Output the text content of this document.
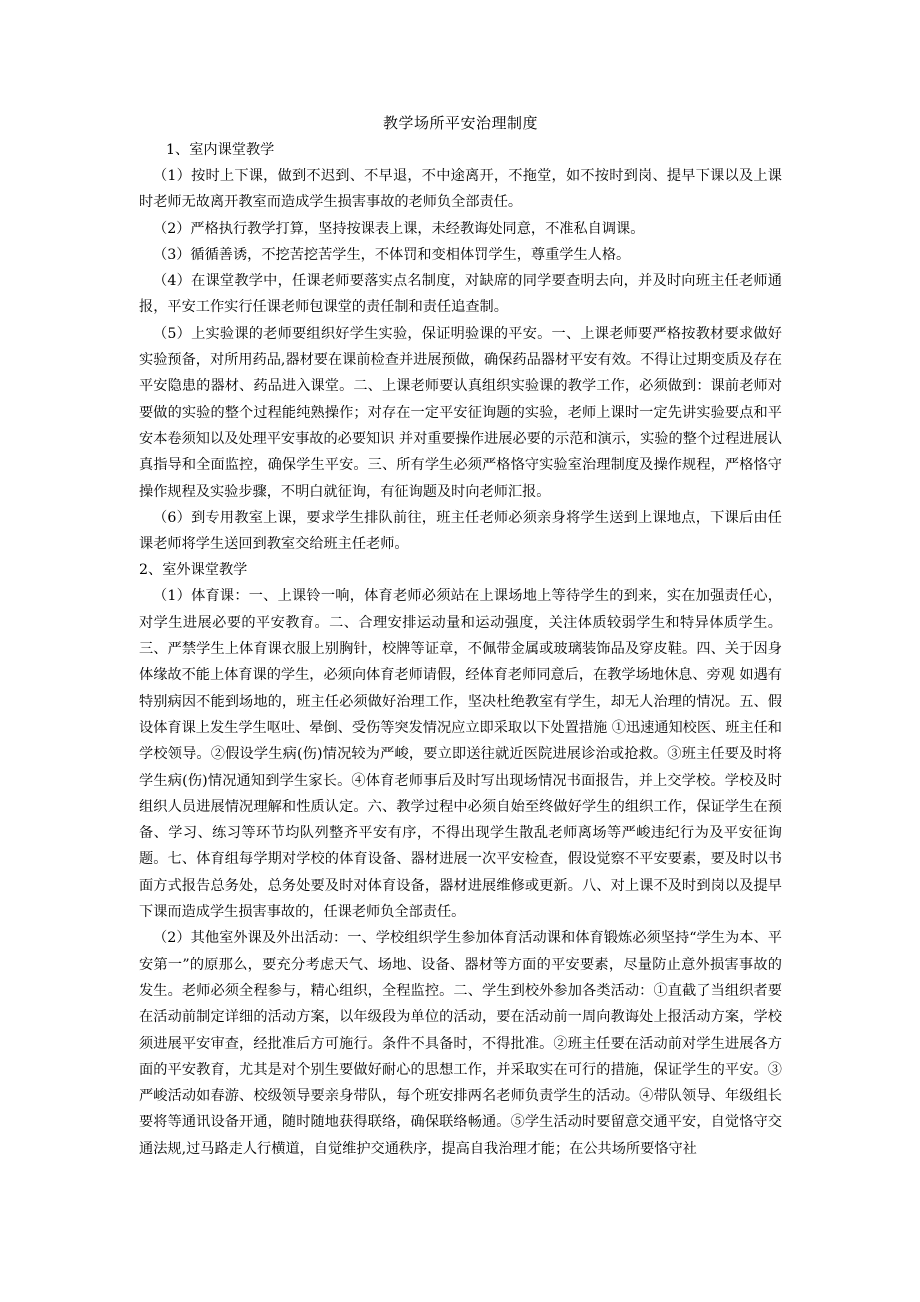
教学场所平安治理制度
1、室内课堂教学

（1）按时上下课，做到不迟到、不早退，不中途离开，不拖堂，如不按时到岗、提早下课以及上课时老师无故离开教室而造成学生损害事故的老师负全部责任。

（2）严格执行教学打算，坚持按课表上课，未经教诲处同意，不准私自调课。

（3）循循善诱，不挖苦挖苦学生，不体罚和变相体罚学生，尊重学生人格。

（4）在课堂教学中，任课老师要落实点名制度，对缺席的同学要查明去向，并及时向班主任老师通报，平安工作实行任课老师包课堂的责任制和责任追查制。

（5）上实验课的老师要组织好学生实验，保证明验课的平安。一、上课老师要严格按教材要求做好实验预备，对所用药品,器材要在课前检查并进展预做，确保药品器材平安有效。不得让过期变质及存在平安隐患的器材、药品进入课堂。二、上课老师要认真组织实验课的教学工作，必须做到：课前老师对要做的实验的整个过程能纯熟操作；对存在一定平安征询题的实验，老师上课时一定先讲实验要点和平安本卷须知以及处理平安事故的必要知识 并对重要操作进展必要的示范和演示，实验的整个过程进展认真指导和全面监控，确保学生平安。三、所有学生必须严格恪守实验室治理制度及操作规程，严格恪守操作规程及实验步骤，不明白就征询，有征询题及时向老师汇报。

（6）到专用教室上课，要求学生排队前往，班主任老师必须亲身将学生送到上课地点，下课后由任课老师将学生送回到教室交给班主任老师。

2、室外课堂教学

（1）体育课：一、上课铃一响，体育老师必须站在上课场地上等待学生的到来，实在加强责任心，对学生进展必要的平安教育。二、合理安排运动量和运动强度，关注体质较弱学生和特异体质学生。三、严禁学生上体育课衣服上别胸针，校牌等证章，不佩带金属或玻璃装饰品及穿皮鞋。四、关于因身体缘故不能上体育课的学生，必须向体育老师请假，经体育老师同意后，在教学场地休息、旁观 如遇有特别病因不能到场地的，班主任必须做好治理工作，坚决杜绝教室有学生，却无人治理的情况。五、假设体育课上发生学生呕吐、晕倒、受伤等突发情况应立即采取以下处置措施 ①迅速通知校医、班主任和学校领导。②假设学生病(伤)情况较为严峻，要立即送往就近医院进展诊治或抢救。③班主任要及时将学生病(伤)情况通知到学生家长。④体育老师事后及时写出现场情况书面报告，并上交学校。学校及时组织人员进展情况理解和性质认定。六、教学过程中必须自始至终做好学生的组织工作，保证学生在预备、学习、练习等环节均队列整齐平安有序，不得出现学生散乱老师离场等严峻违纪行为及平安征询题。七、体育组每学期对学校的体育设备、器材进展一次平安检查，假设觉察不平安要素，要及时以书面方式报告总务处，总务处要及时对体育设备，器材进展维修或更新。八、对上课不及时到岗以及提早下课而造成学生损害事故的，任课老师负全部责任。

（2）其他室外课及外出活动：一、学校组织学生参加体育活动课和体育锻炼必须坚持“学生为本、平安第一”的原那么，要充分考虑天气、场地、设备、器材等方面的平安要素，尽量防止意外损害事故的发生。老师必须全程参与，精心组织，全程监控。二、学生到校外参加各类活动：①直截了当组织者要在活动前制定详细的活动方案，以年级段为单位的活动，要在活动前一周向教诲处上报活动方案，学校须进展平安审查，经批准后方可施行。条件不具备时，不得批准。②班主任要在活动前对学生进展各方面的平安教育，尤其是对个别生要做好耐心的思想工作，并采取实在可行的措施，保证学生的平安。③严峻活动如春游、校级领导要亲身带队，每个班安排两名老师负责学生的活动。④带队领导、年级组长要将等通讯设备开通，随时随地获得联络，确保联络畅通。⑤学生活动时要留意交通平安，自觉恪守交通法规,过马路走人行横道，自觉维护交通秩序，提高自我治理才能；在公共场所要恪守社
